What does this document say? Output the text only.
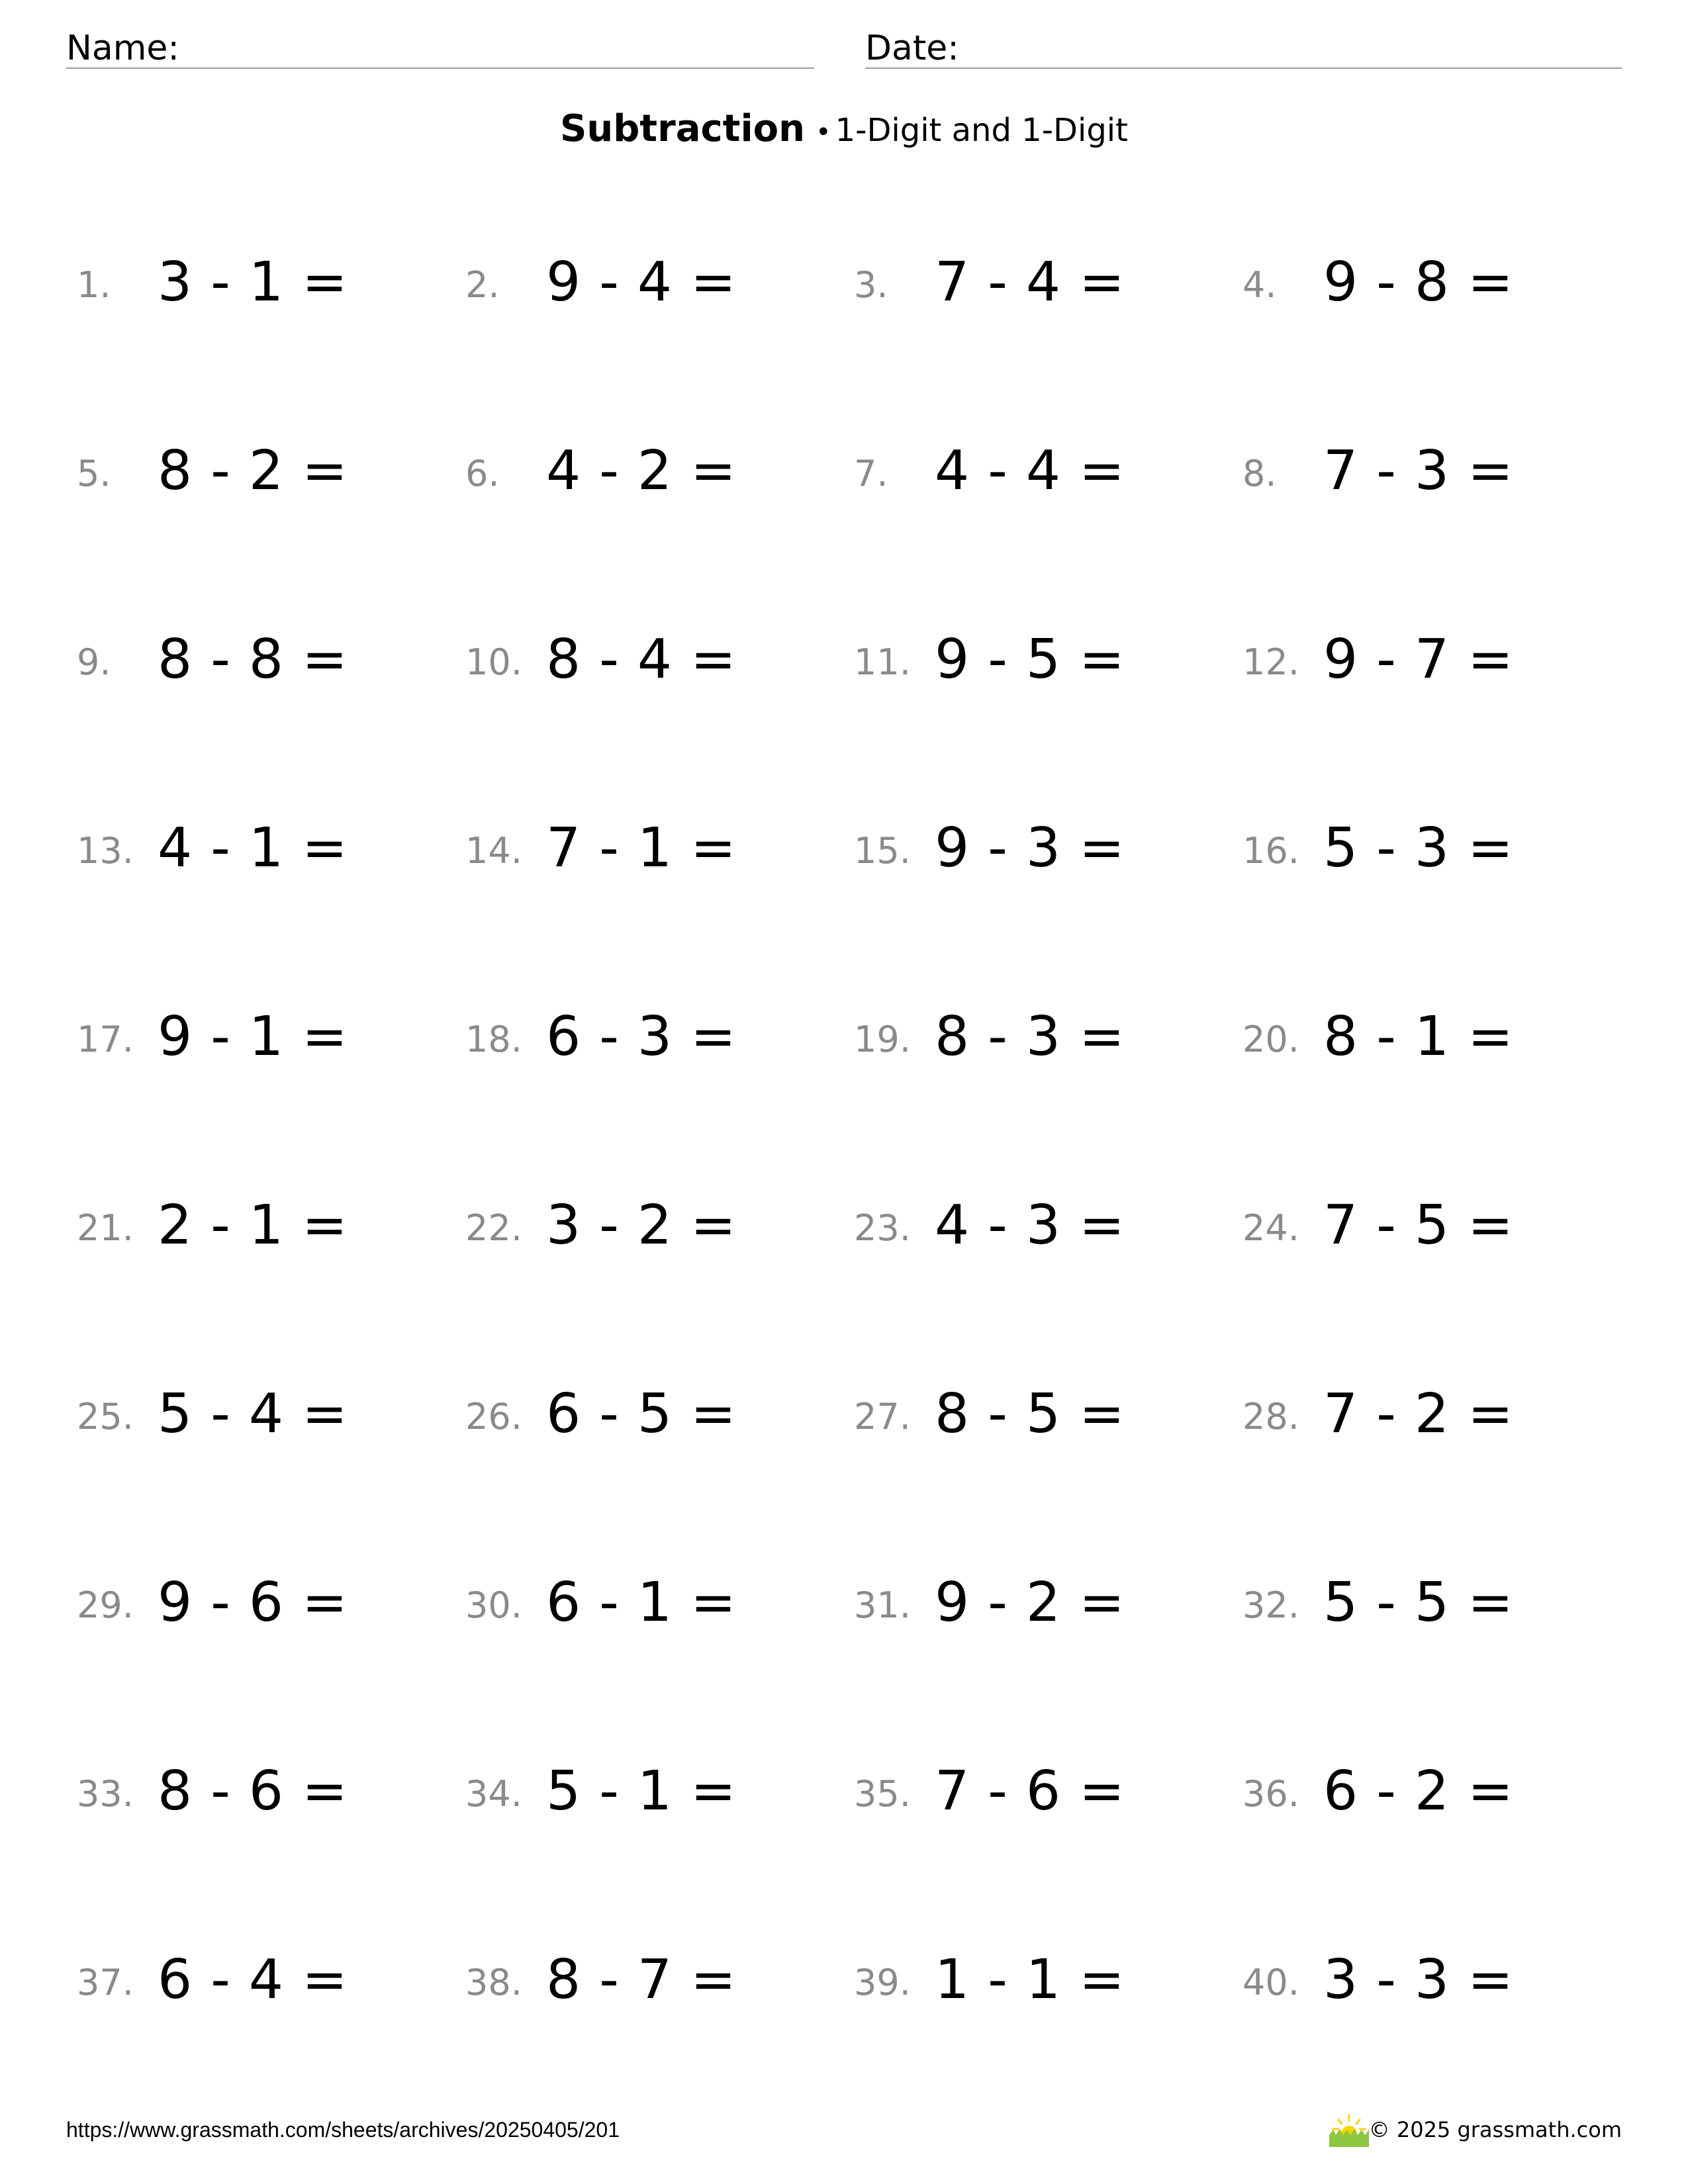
Name:	Date:
Subtraction • 1-Digit and 1-Digit
1. 3 - 1 =	2. 9 - 4 =	3. 7 - 4 =	4. 9 - 8 =
5. 8 - 2 =	6. 4 - 2 =	7. 4 - 4 =	8. 7 - 3 =
9. 8 - 8 =	10. 8 - 4 =	11. 9 - 5 =	12. 9 - 7 =
13. 4 - 1 =	14. 7 - 1 =	15. 9 - 3 =	16. 5 - 3 =
17. 9 - 1 =	18. 6 - 3 =	19. 8 - 3 =	20. 8 - 1 =
21. 2 - 1 =	22. 3 - 2 =	23. 4 - 3 =	24. 7 - 5 =
25. 5 - 4 =	26. 6 - 5 =	27. 8 - 5 =	28. 7 - 2 =
29. 9 - 6 =	30. 6 - 1 =	31. 9 - 2 =	32. 5 - 5 =
33. 8 - 6 =	34. 5 - 1 =	35. 7 - 6 =	36. 6 - 2 =
37. 6 - 4 =	38. 8 - 7 =	39. 1 - 1 =	40. 3 - 3 =
https://www.grassmath.com/sheets/archives/20250405/201	© 2025 grassmath.com
